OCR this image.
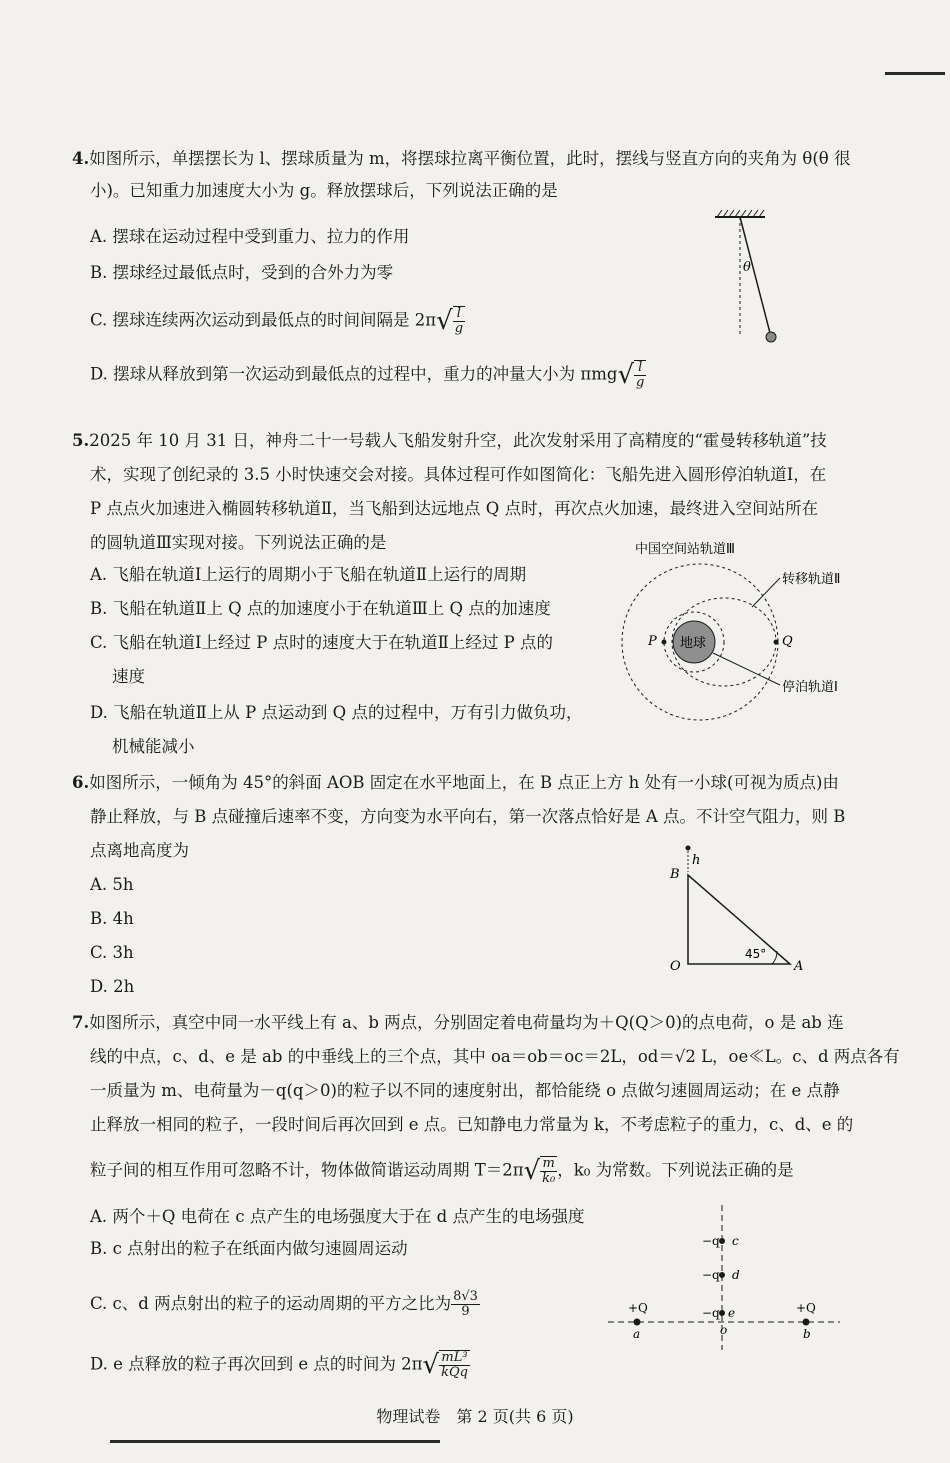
4.如图所示，单摆摆长为 l、摆球质量为 m，将摆球拉离平衡位置，此时，摆线与竖直方向的夹角为 θ(θ 很
小)。已知重力加速度大小为 g。释放摆球后，下列说法正确的是
A. 摆球在运动过程中受到重力、拉力的作用
B. 摆球经过最低点时，受到的合外力为零
C. 摆球连续两次运动到最低点的时间间隔是 $2\pi√ \frac{l}{g}$
D. 摆球从释放到第一次运动到最低点的过程中，重力的冲量大小为 $\pi mg√ \frac{l}{g}$
θ
5.2025 年 10 月 31 日，神舟二十一号载人飞船发射升空，此次发射采用了高精度的“霍曼转移轨道”技
术，实现了创纪录的 3.5 小时快速交会对接。具体过程可作如图简化：飞船先进入圆形停泊轨道Ⅰ，在
P 点点火加速进入椭圆转移轨道Ⅱ，当飞船到达远地点 Q 点时，再次点火加速，最终进入空间站所在
的圆轨道Ⅲ实现对接。下列说法正确的是
A. 飞船在轨道Ⅰ上运行的周期小于飞船在轨道Ⅱ上运行的周期
B. 飞船在轨道Ⅱ上 Q 点的加速度小于在轨道Ⅲ上 Q 点的加速度
C. 飞船在轨道Ⅰ上经过 P 点时的速度大于在轨道Ⅱ上经过 P 点的
速度
D. 飞船在轨道Ⅱ上从 P 点运动到 Q 点的过程中，万有引力做负功，
机械能减小
中国空间站轨道Ⅲ
转移轨道Ⅱ
停泊轨道Ⅰ
地球
P	Q
6.如图所示，一倾角为 45°的斜面 AOB 固定在水平地面上，在 B 点正上方 h 处有一小球(可视为质点)由
静止释放，与 B 点碰撞后速率不变，方向变为水平向右，第一次落点恰好是 A 点。不计空气阻力，则 B
点离地高度为
A. 5h
B. 4h
C. 3h
D. 2h
h
B
O	A
45°
7.如图所示，真空中同一水平线上有 a、b 两点，分别固定着电荷量均为＋Q(Q＞0)的点电荷，o 是 ab 连
线的中点，c、d、e 是 ab 的中垂线上的三个点，其中 oa＝ob＝oc＝2L，od＝√2 L，oe≪L。c、d 两点各有
一质量为 m、电荷量为－q(q＞0)的粒子以不同的速度射出，都恰能绕 o 点做匀速圆周运动；在 e 点静
止释放一相同的粒子，一段时间后再次回到 e 点。已知静电力常量为 k，不考虑粒子的重力，c、d、e 的
粒子间的相互作用可忽略不计，物体做简谐运动周期 $T=2\pi√ \frac{m}{\text{k₀}}$ ，k₀ 为常数。下列说法正确的是
A. 两个＋Q 电荷在 c 点产生的电场强度大于在 d 点产生的电场强度
B. c 点射出的粒子在纸面内做匀速圆周运动
C. c、d 两点射出的粒子的运动周期的平方之比为 $\frac{8√3}{9}$
D. e 点释放的粒子再次回到 e 点的时间为 $2\pi√ \frac{\text{mL³}}{\text{kQq}}$
−q c
−q d
−q e
o
+Q
a
+Q
b
物理试卷　第 2 页(共 6 页)
